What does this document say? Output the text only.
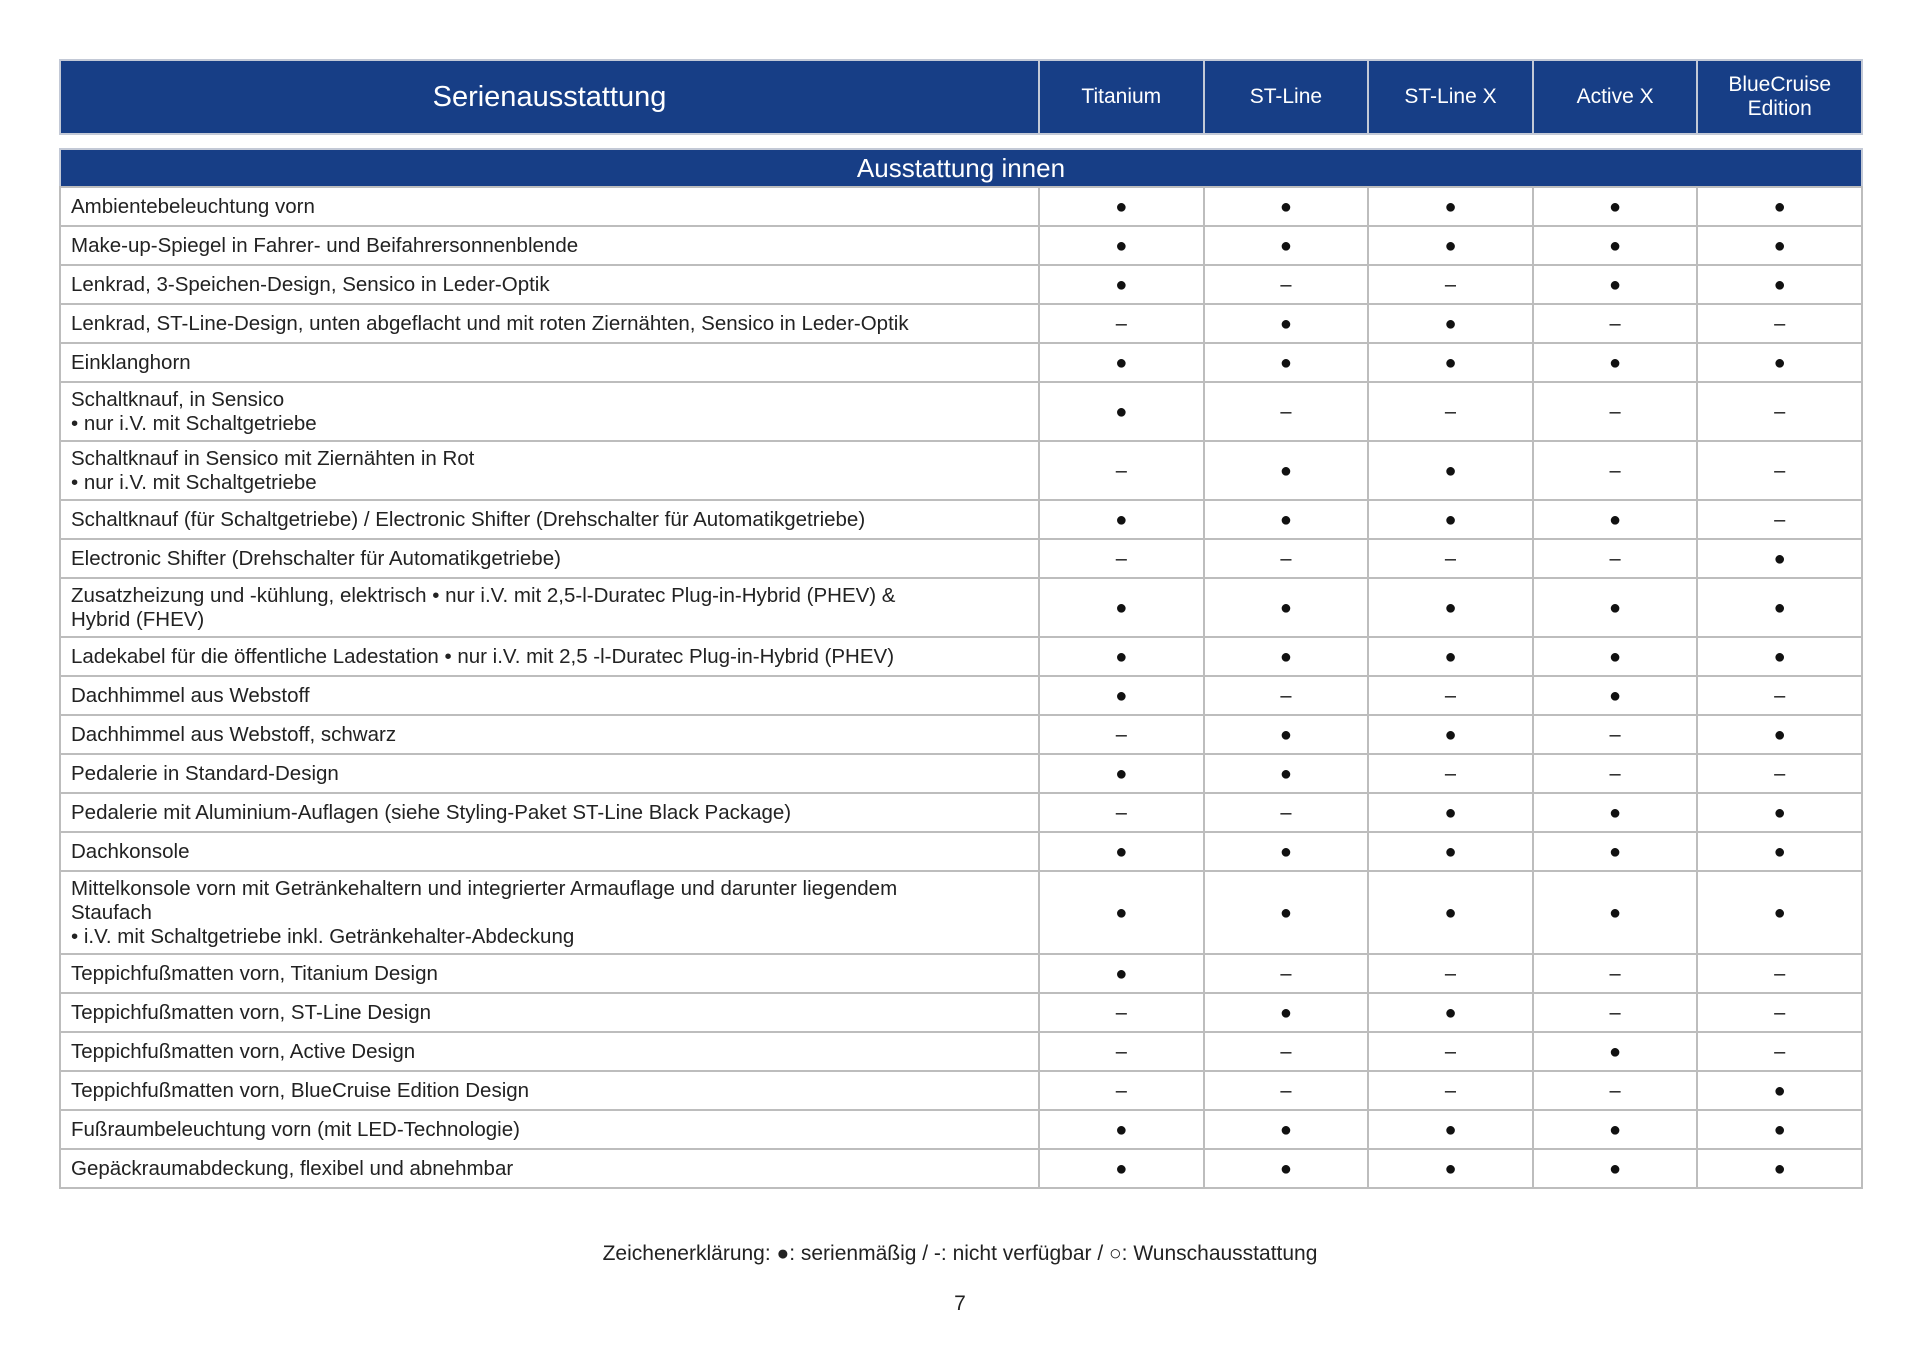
Serienausstattung	Titanium	ST-Line	ST-Line X	Active X	BlueCruise
Edition
Ausstattung innen					
Ambientebeleuchtung vorn	●	●	●	●	●
Make-up-Spiegel in Fahrer- und Beifahrersonnenblende	●	●	●	●	●
Lenkrad, 3-Speichen-Design, Sensico in Leder-Optik	●	–	–	●	●
Lenkrad, ST-Line-Design, unten abgeflacht und mit roten Ziernähten, Sensico in Leder-Optik	–	●	●	–	–
Einklanghorn	●	●	●	●	●
Schaltknauf, in Sensico
• nur i.V. mit Schaltgetriebe	●	–	–	–	–
Schaltknauf in Sensico mit Ziernähten in Rot
• nur i.V. mit Schaltgetriebe	–	●	●	–	–
Schaltknauf (für Schaltgetriebe) / Electronic Shifter (Drehschalter für Automatikgetriebe)	●	●	●	●	–
Electronic Shifter (Drehschalter für Automatikgetriebe)	–	–	–	–	●
Zusatzheizung und -kühlung, elektrisch • nur i.V. mit 2,5-l-Duratec Plug-in-Hybrid (PHEV) &
Hybrid (FHEV)	●	●	●	●	●
Ladekabel für die öffentliche Ladestation • nur i.V. mit 2,5 -l-Duratec Plug-in-Hybrid (PHEV)	●	●	●	●	●
Dachhimmel aus Webstoff	●	–	–	●	–
Dachhimmel aus Webstoff, schwarz	–	●	●	–	●
Pedalerie in Standard-Design	●	●	–	–	–
Pedalerie mit Aluminium-Auflagen (siehe Styling-Paket ST-Line Black Package)	–	–	●	●	●
Dachkonsole	●	●	●	●	●
Mittelkonsole vorn mit Getränkehaltern und integrierter Armauflage und darunter liegendem
Staufach
• i.V. mit Schaltgetriebe inkl. Getränkehalter-Abdeckung	●	●	●	●	●
Teppichfußmatten vorn, Titanium Design	●	–	–	–	–
Teppichfußmatten vorn, ST-Line Design	–	●	●	–	–
Teppichfußmatten vorn, Active Design	–	–	–	●	–
Teppichfußmatten vorn, BlueCruise Edition Design	–	–	–	–	●
Fußraumbeleuchtung vorn (mit LED-Technologie)	●	●	●	●	●
Gepäckraumabdeckung, flexibel und abnehmbar	●	●	●	●	●
Zeichenerklärung: ●: serienmäßig / -: nicht verfügbar / ○: Wunschausstattung
7
